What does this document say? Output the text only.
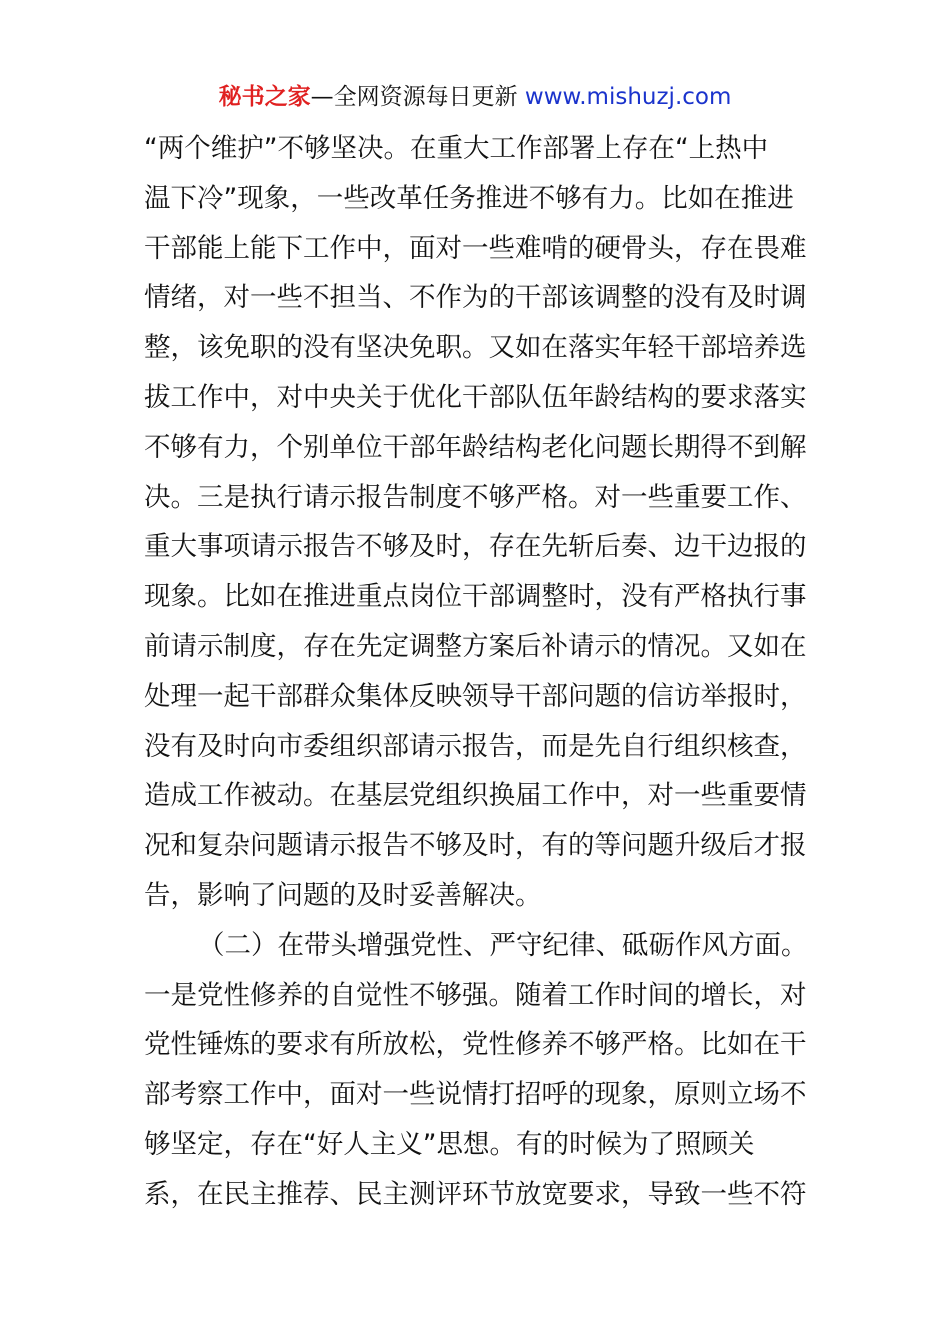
秘书之家—全网资源每日更新 www.mishuzj.com
“两个维护”不够坚决。在重大工作部署上存在“上热中
温下冷”现象，一些改革任务推进不够有力。比如在推进
干部能上能下工作中，面对一些难啃的硬骨头，存在畏难
情绪，对一些不担当、不作为的干部该调整的没有及时调
整，该免职的没有坚决免职。又如在落实年轻干部培养选
拔工作中，对中央关于优化干部队伍年龄结构的要求落实
不够有力，个别单位干部年龄结构老化问题长期得不到解
决。三是执行请示报告制度不够严格。对一些重要工作、
重大事项请示报告不够及时，存在先斩后奏、边干边报的
现象。比如在推进重点岗位干部调整时，没有严格执行事
前请示制度，存在先定调整方案后补请示的情况。又如在
处理一起干部群众集体反映领导干部问题的信访举报时，
没有及时向市委组织部请示报告，而是先自行组织核查，
造成工作被动。在基层党组织换届工作中，对一些重要情
况和复杂问题请示报告不够及时，有的等问题升级后才报
告，影响了问题的及时妥善解决。
（二）在带头增强党性、严守纪律、砥砺作风方面。
一是党性修养的自觉性不够强。随着工作时间的增长，对
党性锤炼的要求有所放松，党性修养不够严格。比如在干
部考察工作中，面对一些说情打招呼的现象，原则立场不
够坚定，存在“好人主义”思想。有的时候为了照顾关
系，在民主推荐、民主测评环节放宽要求，导致一些不符
